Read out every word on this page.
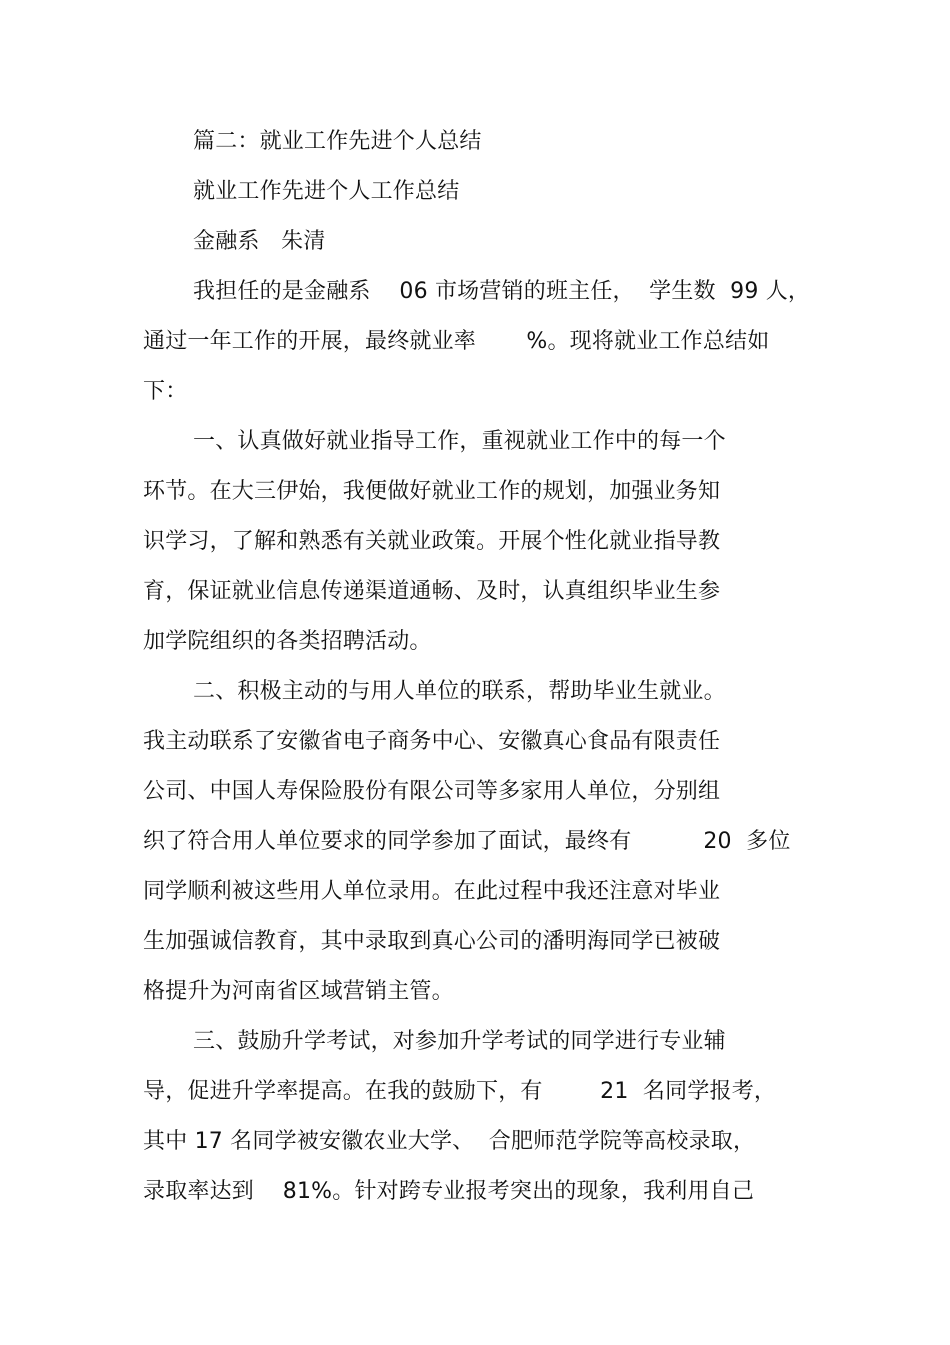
篇二：就业工作先进个人总结
就业工作先进个人工作总结
金融系   朱清
我担任的是金融系    06 市场营销的班主任，  学生数  99 人，
通过一年工作的开展，最终就业率       %。现将就业工作总结如
下：
一、认真做好就业指导工作，重视就业工作中的每一个
环节。在大三伊始，我便做好就业工作的规划，加强业务知
识学习，了解和熟悉有关就业政策。开展个性化就业指导教
育，保证就业信息传递渠道通畅、及时，认真组织毕业生参
加学院组织的各类招聘活动。
二、积极主动的与用人单位的联系，帮助毕业生就业。
我主动联系了安徽省电子商务中心、安徽真心食品有限责任
公司、中国人寿保险股份有限公司等多家用人单位，分别组
织了符合用人单位要求的同学参加了面试，最终有          20  多位
同学顺利被这些用人单位录用。在此过程中我还注意对毕业
生加强诚信教育，其中录取到真心公司的潘明海同学已被破
格提升为河南省区域营销主管。
三、鼓励升学考试，对参加升学考试的同学进行专业辅
导，促进升学率提高。在我的鼓励下，有        21  名同学报考，
其中 17 名同学被安徽农业大学、  合肥师范学院等高校录取，
录取率达到    81%。针对跨专业报考突出的现象，我利用自己
